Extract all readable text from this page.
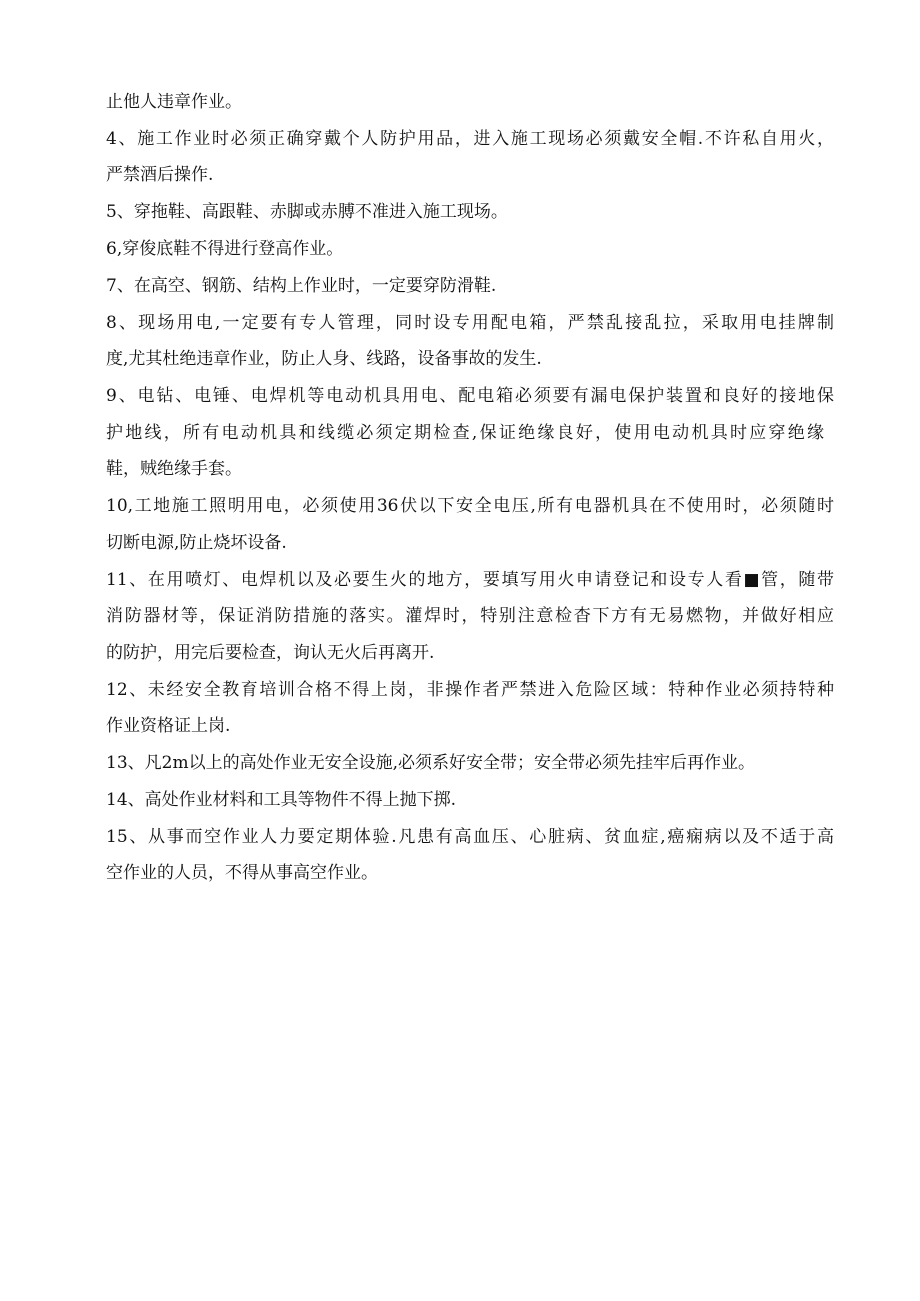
止他人违章作业。
4、施工作业时必须正确穿戴个人防护用品，进入施工现场必须戴安全帽.不许私自用火，
严禁酒后操作.
5、穿拖鞋、高跟鞋、赤脚或赤膊不准进入施工现场。
6,穿俊底鞋不得进行登高作业。
7、在高空、钢筋、结构上作业时，一定要穿防滑鞋.
8、现场用电,一定要有专人管理，同时设专用配电箱，严禁乱接乱拉，采取用电挂牌制
度,尤其杜绝违章作业，防止人身、线路，设备事故的发生.
9、电钻、电锤、电焊机等电动机具用电、配电箱必须要有漏电保护装置和良好的接地保
护地线，所有电动机具和线缆必须定期检查,保证绝缘良好，使用电动机具时应穿绝缘
鞋，贼绝缘手套。
10,工地施工照明用电，必须使用36伏以下安全电压,所有电器机具在不使用时，必须随时
切断电源,防止烧坏设备.
11、在用喷灯、电焊机以及必要生火的地方，要填写用火申请登记和设专人看■管，随带
消防器材等，保证消防措施的落实。灌焊时，特别注意检杳下方有无易燃物，并做好相应
的防护，用完后要检查，询认无火后再离开.
12、未经安全教育培训合格不得上岗，非操作者严禁进入危险区域：特种作业必须持特种
作业资格证上岗.
13、凡2m以上的高处作业无安全设施,必须系好安全带；安全带必须先挂牢后再作业。
14、高处作业材料和工具等物件不得上抛下掷.
15、从事而空作业人力要定期体验.凡患有高血压、心脏病、贫血症,癌痫病以及不适于高
空作业的人员，不得从事高空作业。
